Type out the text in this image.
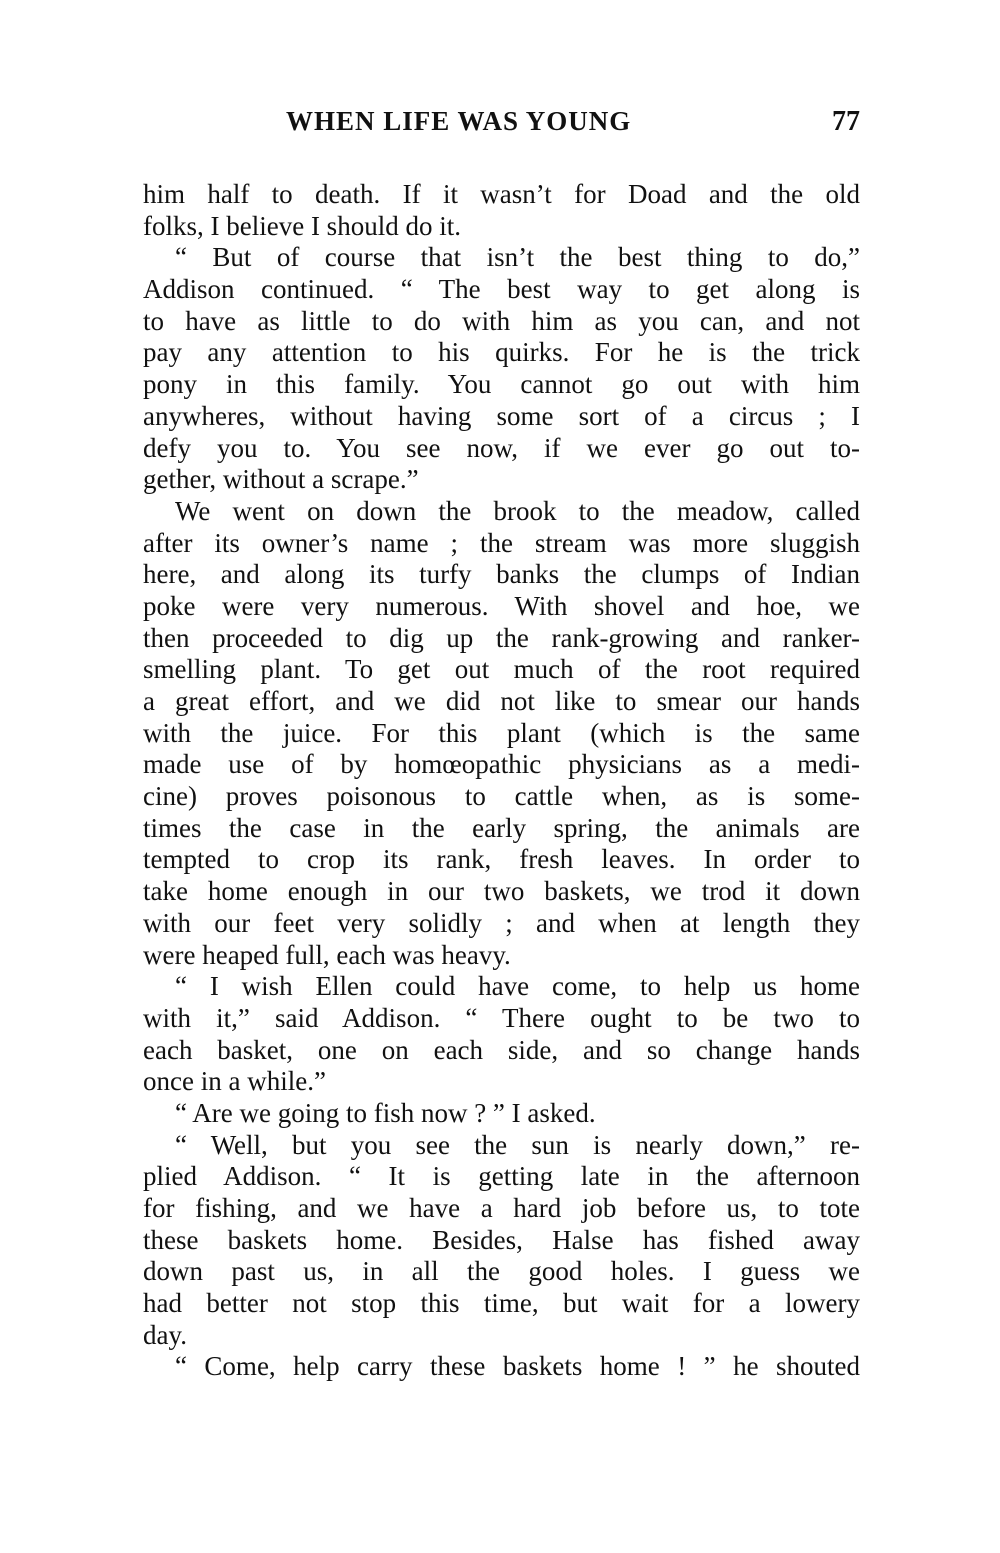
WHEN LIFE WAS YOUNG	77
him half to death. If it wasn’t for Doad and the old
folks, I believe I should do it.
“ But of course that isn’t the best thing to do,”
Addison continued. “ The best way to get along is
to have as little to do with him as you can, and not
pay any attention to his quirks. For he is the trick
pony in this family. You cannot go out with him
anywheres, without having some sort of a circus ; I
defy you to. You see now, if we ever go out to-
gether, without a scrape.”
We went on down the brook to the meadow, called
after its owner’s name ; the stream was more sluggish
here, and along its turfy banks the clumps of Indian
poke were very numerous. With shovel and hoe, we
then proceeded to dig up the rank-growing and ranker-
smelling plant. To get out much of the root required
a great effort, and we did not like to smear our hands
with the juice. For this plant (which is the same
made use of by homœopathic physicians as a medi-
cine) proves poisonous to cattle when, as is some-
times the case in the early spring, the animals are
tempted to crop its rank, fresh leaves. In order to
take home enough in our two baskets, we trod it down
with our feet very solidly ; and when at length they
were heaped full, each was heavy.
“ I wish Ellen could have come, to help us home
with it,” said Addison. “ There ought to be two to
each basket, one on each side, and so change hands
once in a while.”
“ Are we going to fish now ? ” I asked.
“ Well, but you see the sun is nearly down,” re-
plied Addison. “ It is getting late in the afternoon
for fishing, and we have a hard job before us, to tote
these baskets home. Besides, Halse has fished away
down past us, in all the good holes. I guess we
had better not stop this time, but wait for a lowery
day.
“ Come, help carry these baskets home ! ” he shouted
